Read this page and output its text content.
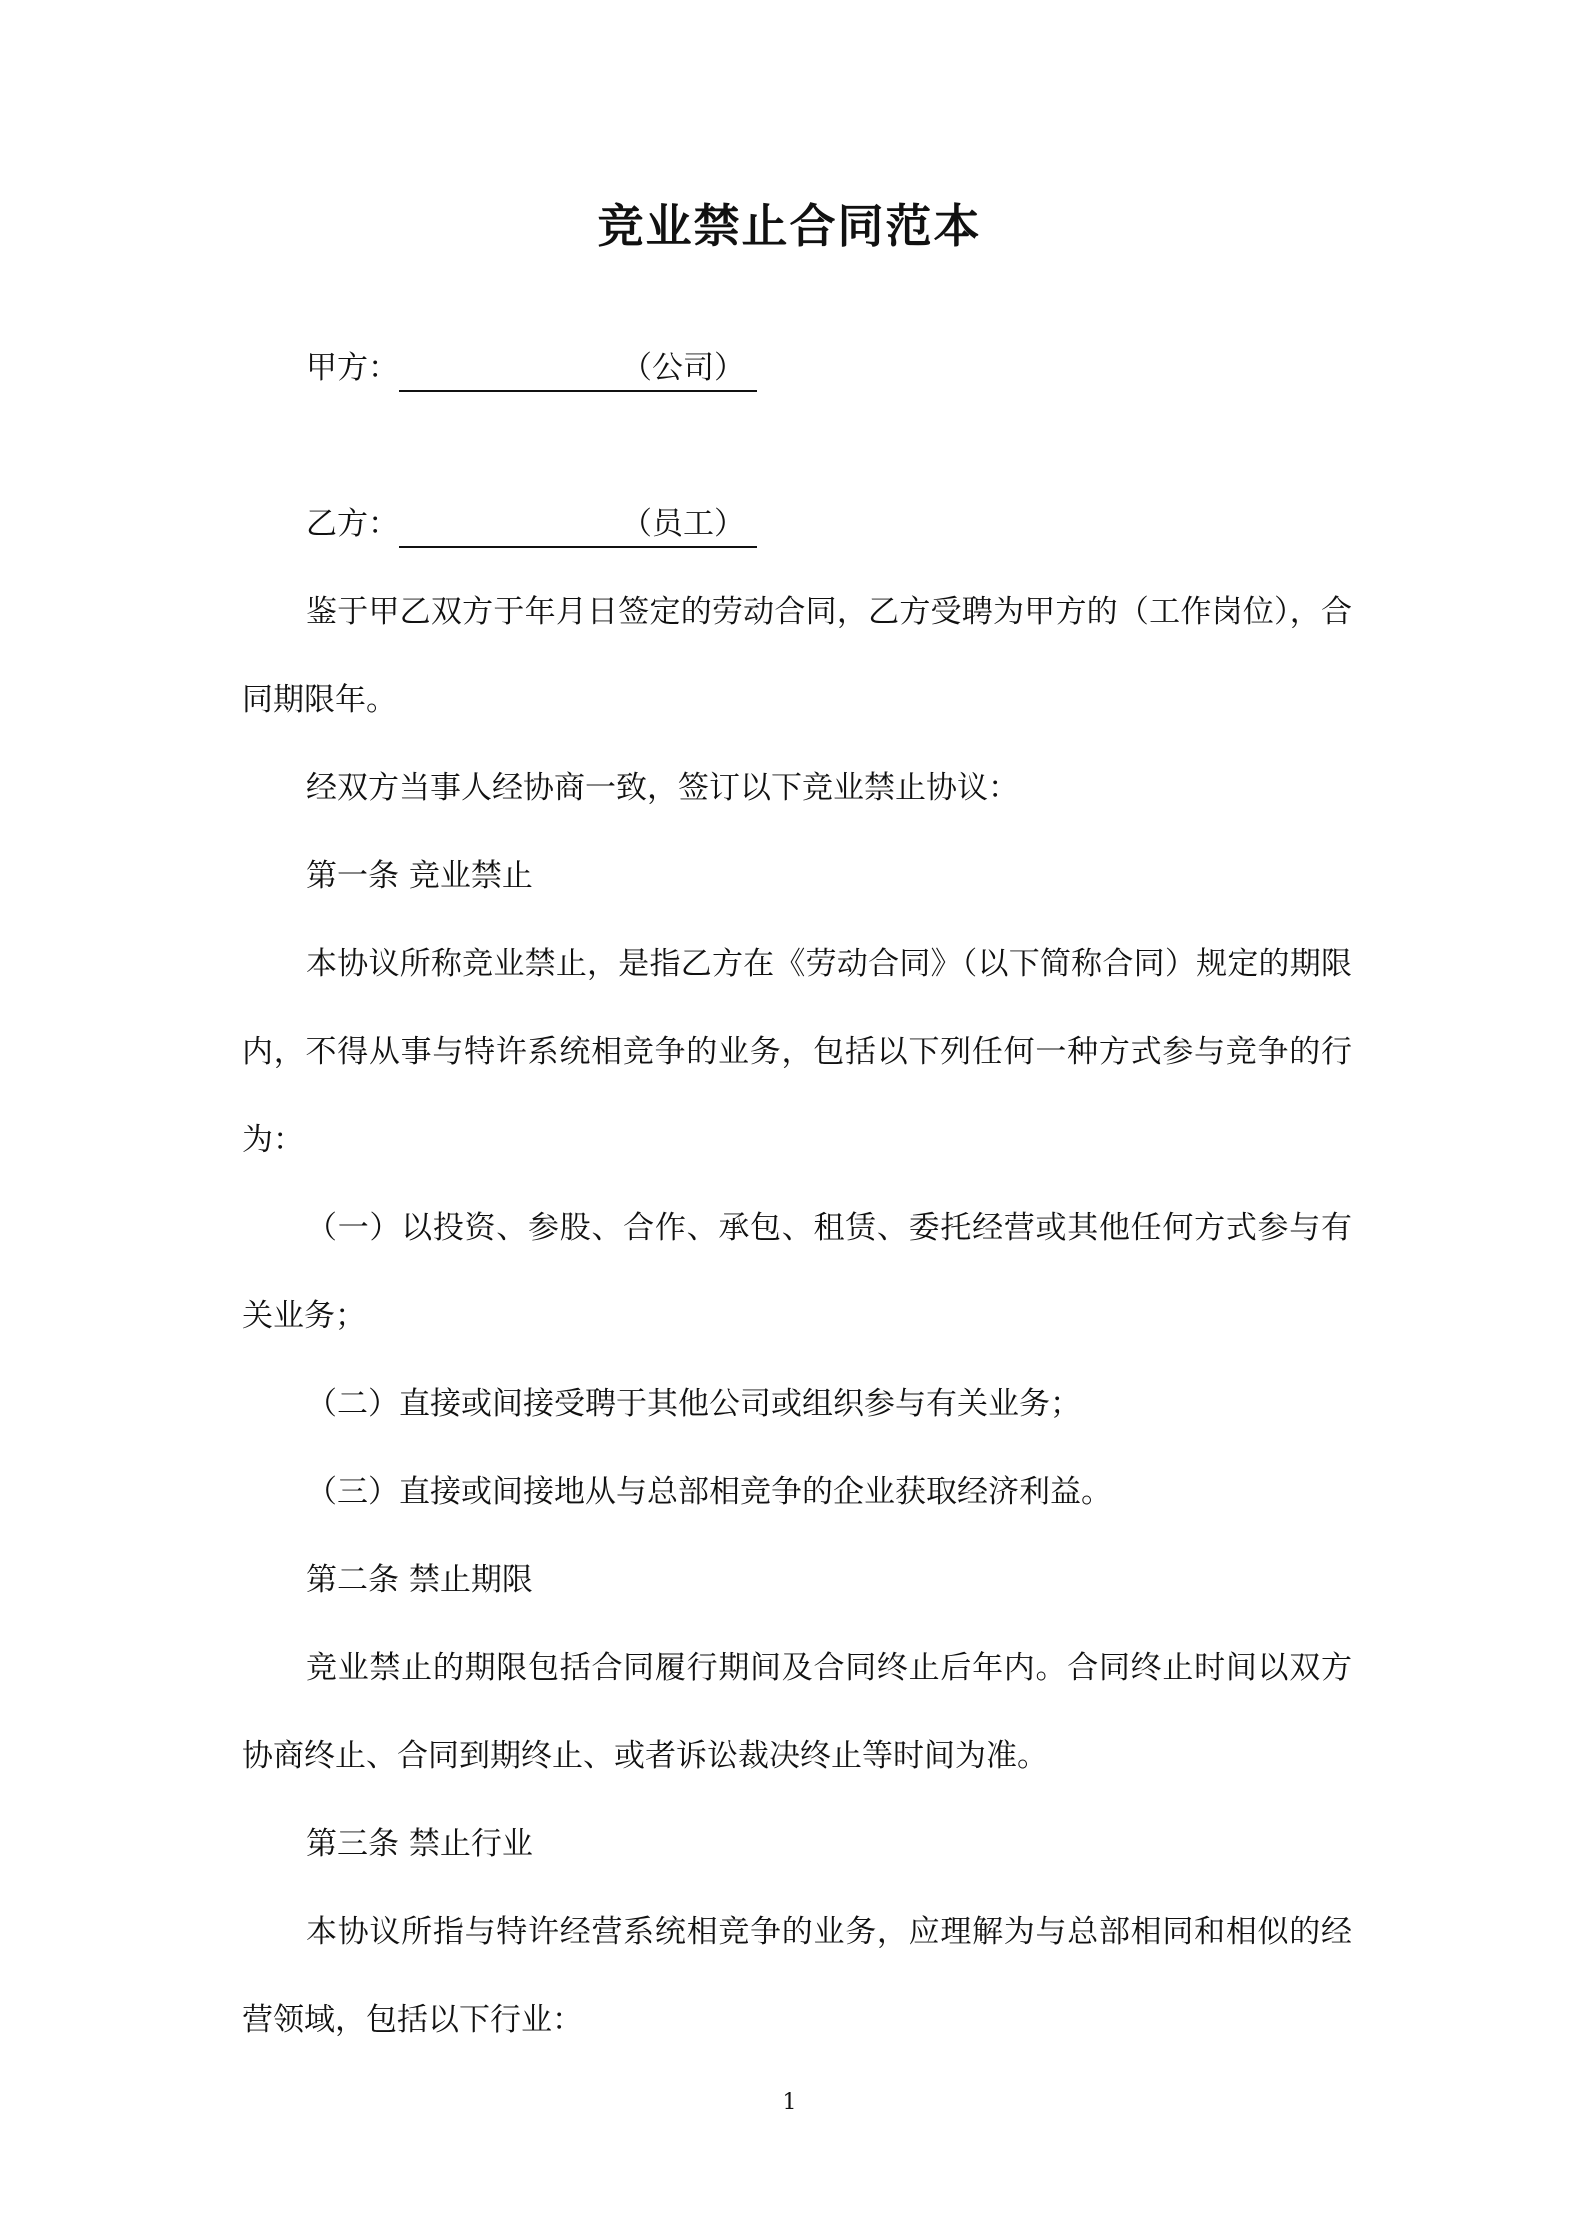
竞业禁止合同范本
甲方：	（公司）
乙方：	（员工）

鉴于甲乙双方于年月日签定的劳动合同，乙方受聘为甲方的（工作岗位），合同期限年。

经双方当事人经协商一致，签订以下竞业禁止协议：

第一条 竞业禁止

本协议所称竞业禁止，是指乙方在《劳动合同》（以下简称合同）规定的期限内，不得从事与特许系统相竞争的业务，包括以下列任何一种方式参与竞争的行为：

（一）以投资、参股、合作、承包、租赁、委托经营或其他任何方式参与有关业务；

（二）直接或间接受聘于其他公司或组织参与有关业务；

（三）直接或间接地从与总部相竞争的企业获取经济利益。

第二条 禁止期限

竞业禁止的期限包括合同履行期间及合同终止后年内。合同终止时间以双方协商终止、合同到期终止、或者诉讼裁决终止等时间为准。

第三条 禁止行业

本协议所指与特许经营系统相竞争的业务，应理解为与总部相同和相似的经营领域，包括以下行业：

1
